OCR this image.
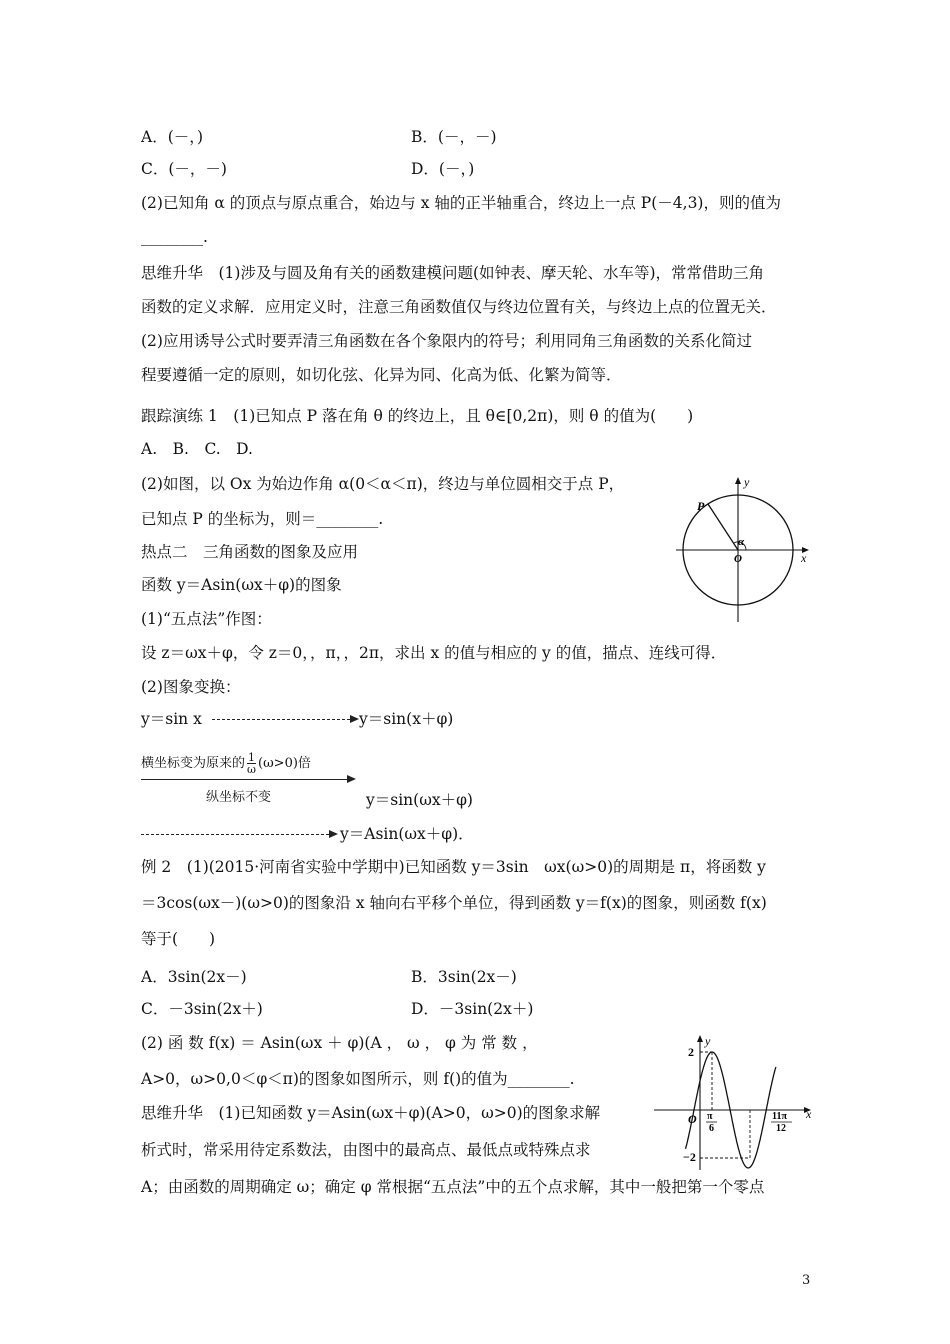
A．(－，)	B．(－，－)
C．(－，－)	D．(－，)
(2)已知角 α 的顶点与原点重合，始边与 x 轴的正半轴重合，终边上一点 P(－4,3)，则的值为
________.
思维升华　(1)涉及与圆及角有关的函数建模问题(如钟表、摩天轮、水车等)，常常借助三角
函数的定义求解．应用定义时，注意三角函数值仅与终边位置有关，与终边上点的位置无关．
(2)应用诱导公式时要弄清三角函数在各个象限内的符号；利用同角三角函数的关系化简过
程要遵循一定的原则，如切化弦、化异为同、化高为低、化繁为简等．
跟踪演练 1　(1)已知点 P 落在角 θ 的终边上，且 θ∈[0,2π)，则 θ 的值为(　　)
A.　B.　C.　D.
(2)如图，以 Ox 为始边作角 α(0＜α＜π)，终边与单位圆相交于点 P，
已知点 P 的坐标为，则＝________.
热点二　三角函数的图象及应用
函数 y＝Asin(ωx＋φ)的图象
(1)“五点法”作图：
设 z＝ωx＋φ，令 z＝0，，π，，2π，求出 x 的值与相应的 y 的值，描点、连线可得．
(2)图象变换：
y＝sin x	y＝sin(x＋φ)
横坐标变为原来的 $\frac{1}{\omega} (\omega>0)$倍
纵坐标不变	y＝sin(ωx＋φ)
y＝Asin(ωx＋φ)．
例 2　(1)(2015·河南省实验中学期中)已知函数 y＝3sin　ωx(ω>0)的周期是 π，将函数 y
＝3cos(ωx－)(ω>0)的图象沿 x 轴向右平移个单位，得到函数 y＝f(x)的图象，则函数 f(x)
等于(　　)
A．3sin(2x－)	B．3sin(2x－)
C．－3sin(2x＋)	D．－3sin(2x＋)
(2) 函 数 f(x) ＝ Asin(ωx ＋ φ)(A ， ω ， φ 为 常 数 ，
A>0，ω>0,0＜φ＜π)的图象如图所示，则 f()的值为________.
思维升华　(1)已知函数 y＝Asin(ωx＋φ)(A>0，ω>0)的图象求解
析式时，常采用待定系数法，由图中的最高点、最低点或特殊点求
A；由函数的周期确定 ω；确定 φ 常根据“五点法”中的五个点求解，其中一般把第一个零点
3
P
α
O
y
x
2
−2
O
y
x
π
6
11π
12
